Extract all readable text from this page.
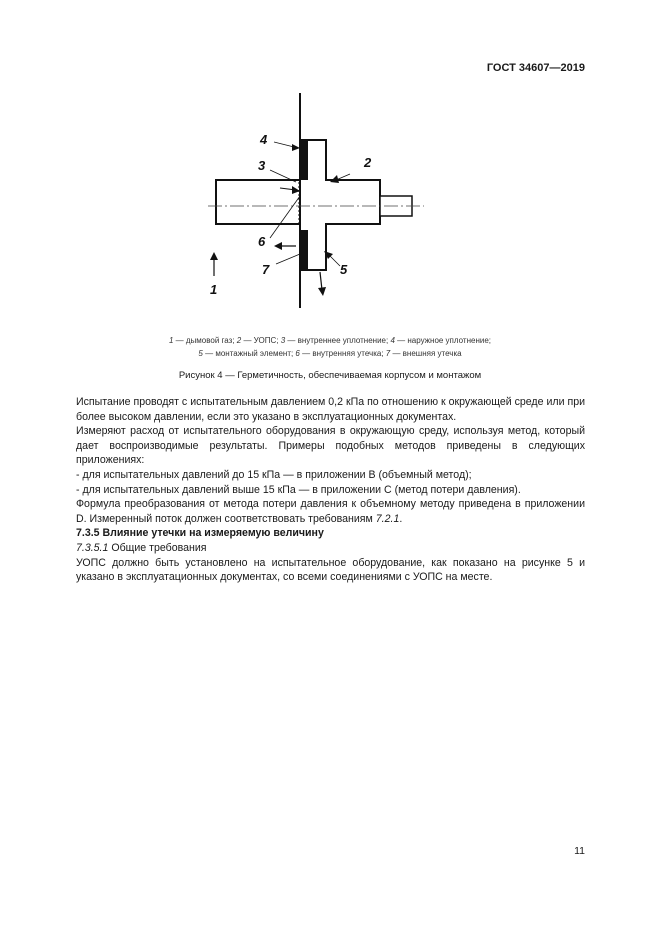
ГОСТ 34607—2019
4
3	2
6
7	5
1
1 — дымовой газ; 2 — УОПС; 3 — внутреннее уплотнение; 4 — наружное уплотнение;
5 — монтажный элемент; 6 — внутренняя утечка; 7 — внешняя утечка
Рисунок 4 — Герметичность, обеспечиваемая корпусом и монтажом

Испытание проводят с испытательным давлением 0,2 кПа по отношению к окружающей среде или при более высоком давлении, если это указано в эксплуатационных документах.

Измеряют расход от испытательного оборудования в окружающую среду, используя метод, который дает воспроизводимые результаты. Примеры подобных методов приведены в следующих приложениях:

- для испытательных давлений до 15 кПа — в приложении B (объемный метод);

- для испытательных давлений выше 15 кПа — в приложении C (метод потери давления).

Формула преобразования от метода потери давления к объемному методу приведена в приложении D. Измеренный поток должен соответствовать требованиям 7.2.1.

7.3.5 Влияние утечки на измеряемую величину

7.3.5.1 Общие требования

УОПС должно быть установлено на испытательное оборудование, как показано на рисунке 5 и указано в эксплуатационных документах, со всеми соединениями с УОПС на месте.

11
